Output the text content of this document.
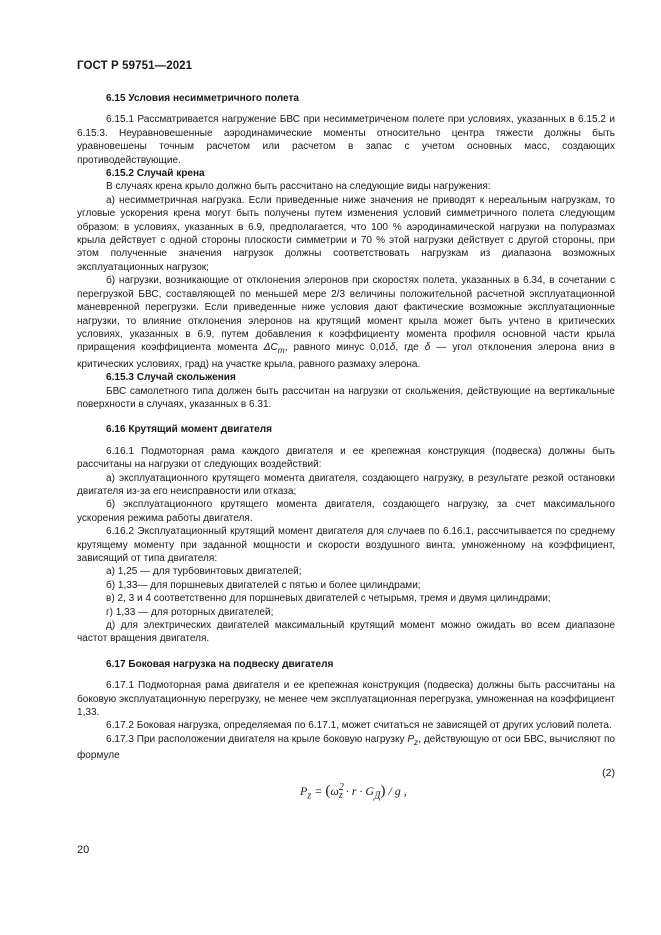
ГОСТ Р 59751—2021

6.15 Условия несимметричного полета

6.15.1 Рассматривается нагружение БВС при несимметриченом полете при условиях, указанных в 6.15.2 и 6.15.3. Неуравновешенные аэродинамические моменты относительно центра тяжести должны быть уравновешены точным расчетом или расчетом в запас с учетом основных масс, создающих противодействующие.

6.15.2 Случай крена

В случаях крена крыло должно быть рассчитано на следующие виды нагружения:

а) несимметричная нагрузка. Если приведенные ниже значения не приводят к нереальным нагрузкам, то угловые ускорения крена могут быть получены путем изменения условий симметричного полета следующим образом: в условиях, указанных в 6.9, предполагается, что 100 % аэродинамической нагрузки на полуразмах крыла действует с одной стороны плоскости симметрии и 70 % этой нагрузки действует с другой стороны, при этом полученные значения нагрузок должны соответствовать нагрузкам из диапазона возможных эксплуатационных нагрузок;

б) нагрузки, возникающие от отклонения элеронов при скоростях полета, указанных в 6.34, в сочетании с перегрузкой БВС, составляющей по меньшей мере 2/3 величины положительной расчетной эксплуатационной маневренной перегрузки. Если приведенные ниже условия дают фактические возможные эксплуатационные нагрузки, то влияние отклонения элеронов на крутящий момент крыла может быть учтено в критических условиях, указанных в 6.9, путем добавления к коэффициенту момента профиля основной части крыла приращения коэффициента момента $\Delta C_m$, равного минус 0,01δ, где δ — угол отклонения элерона вниз в критических условиях, град) на участке крыла, равного размаху элерона.

6.15.3 Случай скольжения

БВС самолетного типа должен быть рассчитан на нагрузки от скольжения, действующие на вертикальные поверхности в случаях, указанных в 6.31.

6.16 Крутящий момент двигателя

6.16.1 Подмоторная рама каждого двигателя и ее крепежная конструкция (подвеска) должны быть рассчитаны на нагрузки от следующих воздействий:

а) эксплуатационного крутящего момента двигателя, создающего нагрузку, в результате резкой остановки двигателя из-за его неисправности или отказа;

б) эксплуатационного крутящего момента двигателя, создающего нагрузку, за счет максимального ускорения режима работы двигателя.

6.16.2 Эксплуатационный крутящий момент двигателя для случаев по 6.16.1, рассчитывается по среднему крутящему моменту при заданной мощности и скорости воздушного винта, умноженному на коэффициент, зависящий от типа двигателя:

а) 1,25 — для турбовинтовых двигателей;

б) 1,33— для поршневых двигателей с пятью и более цилиндрами;

в) 2, 3 и 4 соответственно для поршневых двигателей с четырьмя, тремя и двумя цилиндрами;

г) 1,33 — для роторных двигателей;

д) для электрических двигателей максимальный крутящий момент можно ожидать во всем диапазоне частот вращения двигателя.

6.17 Боковая нагрузка на подвеску двигателя

6.17.1 Подмоторная рама двигателя и ее крепежная конструкция (подвеска) должны быть рассчитаны на боковую эксплуатационную перегрузку, не менее чем эксплуатационная перегрузка, умноженная на коэффициент 1,33.

6.17.2 Боковая нагрузка, определяемая по 6.17.1, может считаться не зависящей от других условий полета.

6.17.3 При расположении двигателя на крыле боковую нагрузку $P_z$, действующую от оси БВС, вычисляют по формуле

$P_z = (\omega^2_z \cdot r \cdot G_Д) / g$ ,
(2)
20
